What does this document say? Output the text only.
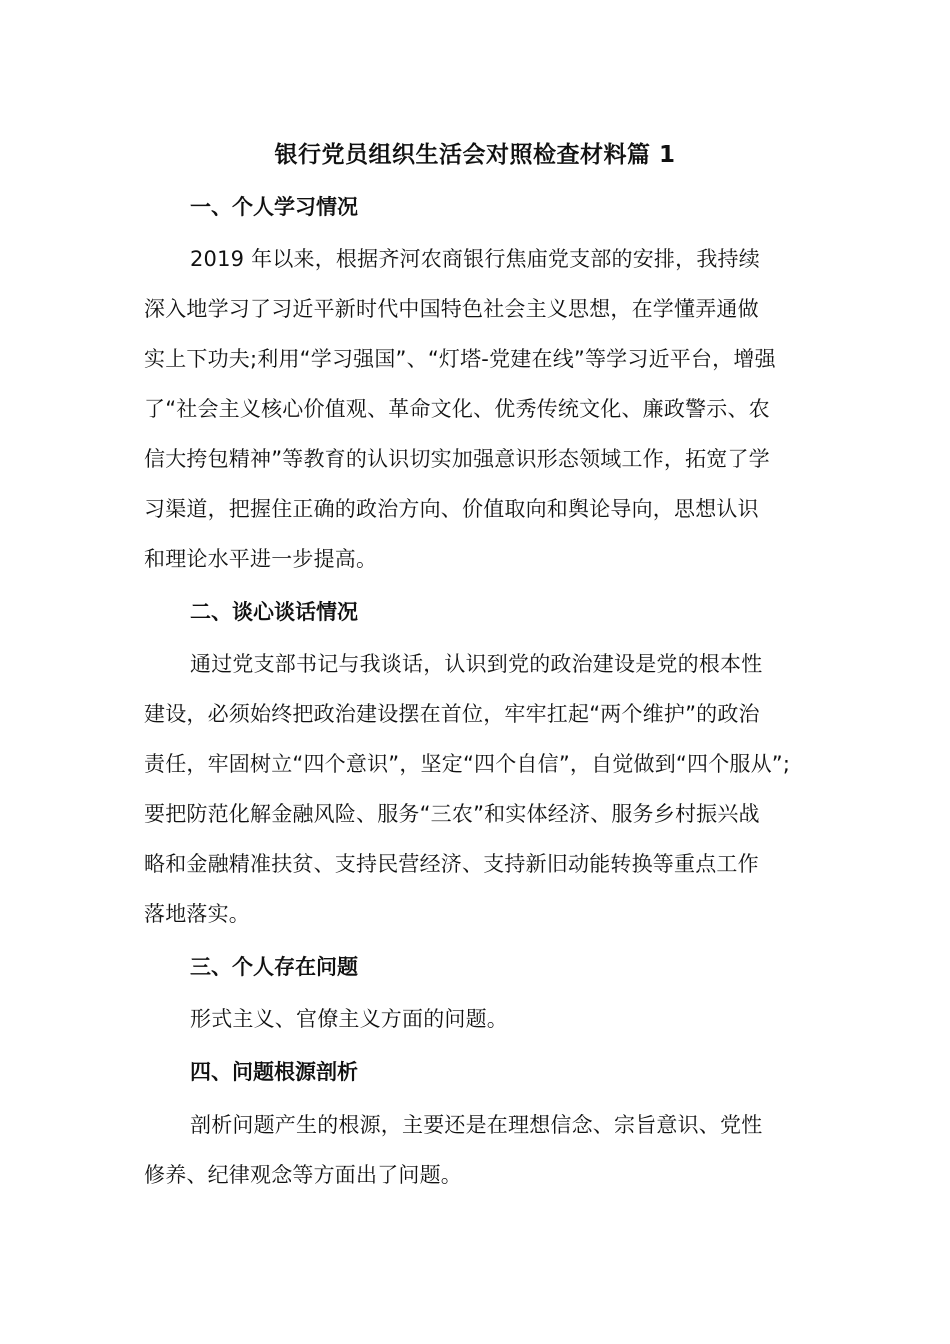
银行党员组织生活会对照检查材料篇 1
一、个人学习情况
2019 年以来，根据齐河农商银行焦庙党支部的安排，我持续
深入地学习了习近平新时代中国特色社会主义思想，在学懂弄通做
实上下功夫;利用“学习强国”、“灯塔-党建在线”等学习近平台，增强
了“社会主义核心价值观、革命文化、优秀传统文化、廉政警示、农
信大挎包精神”等教育的认识切实加强意识形态领域工作，拓宽了学
习渠道，把握住正确的政治方向、价值取向和舆论导向，思想认识
和理论水平进一步提高。
二、谈心谈话情况
通过党支部书记与我谈话，认识到党的政治建设是党的根本性
建设，必须始终把政治建设摆在首位，牢牢扛起“两个维护”的政治
责任，牢固树立“四个意识”，坚定“四个自信”，自觉做到“四个服从”;
要把防范化解金融风险、服务“三农”和实体经济、服务乡村振兴战
略和金融精准扶贫、支持民营经济、支持新旧动能转换等重点工作
落地落实。
三、个人存在问题
形式主义、官僚主义方面的问题。
四、问题根源剖析
剖析问题产生的根源，主要还是在理想信念、宗旨意识、党性
修养、纪律观念等方面出了问题。
